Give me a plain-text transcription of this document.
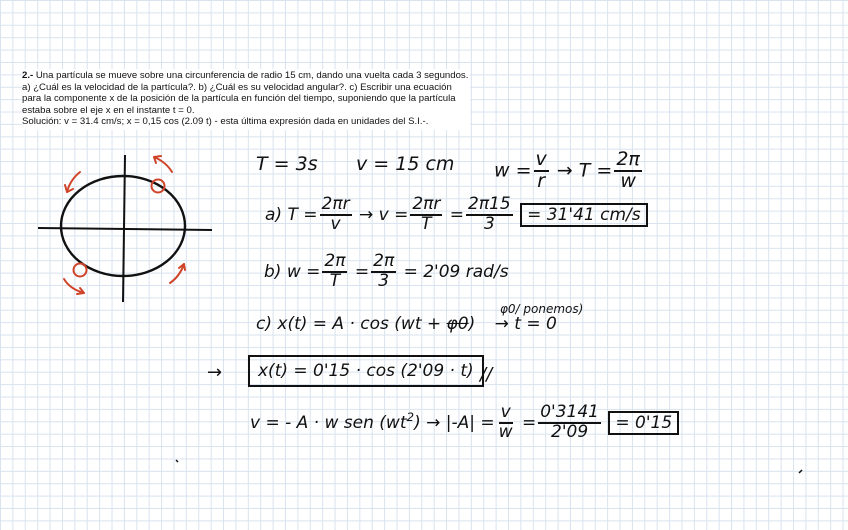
2.- Una partícula se mueve sobre una circunferencia de radio 15 cm, dando una vuelta cada 3 segundos. a) ¿Cuál es la velocidad de la partícula?. b) ¿Cuál es su velocidad angular?. c) Escribir una ecuación para la componente x de la posición de la partícula en función del tiempo, suponiendo que la partícula estaba sobre el eje x en el instante t = 0.

Solución: v = 31.4 cm/s; x = 0,15 cos (2.09 t) - esta última expresión dada en unidades del S.I.-.

T = 3s v = 15 cm $w = \frac{v}{r} \to T = \frac{2\pi}{w}$
a) $T = \frac{2\pi r}{v} \to v = \frac{2\pi r}{T} = \frac{2\pi 15}{3} = 31'41$ cm/s
b) $w = \frac{2\pi}{T} = \frac{2\pi}{3} = 2'09$ rad/s
c) x(t) = A · cos (wt + φ0) → t = 0
φ0/ ponemos)
→	x(t) = 0'15 · cos (2'09 · t) //
v = - A · w sen $(wt^2) \to |-A| = \frac{v}{w} = \frac{0'3141}{2'09} = 0'15$
